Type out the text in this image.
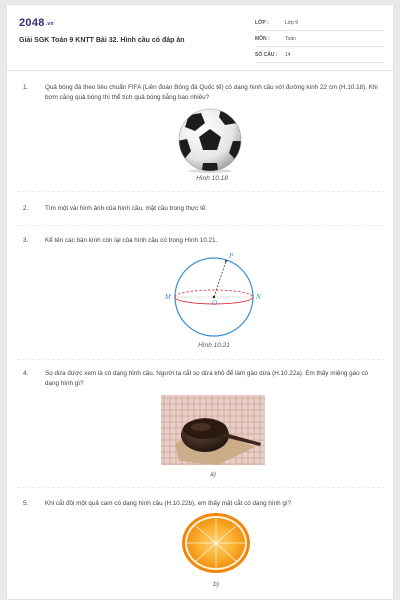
2048.vn
Giải SGK Toán 9 KNTT Bài 32. Hình cầu có đáp án
LỚP :	Lớp 9
MÔN :	Toán
SỐ CÂU :	14
1.	Quả bóng đá theo tiêu chuẩn FIFA (Liên đoàn Bóng đá Quốc tế) có dạng hình cầu với đường kính 22 cm (H.10.18). Khi bơm căng quả bóng thì thể tích quả bóng bằng bao nhiêu?
Hình 10.18
2.	Tìm một vài hình ảnh của hình cầu, mặt cầu trong thực tế.
3.	Kể tên các bán kính còn lại của hình cầu có trong Hình 10.21.
P
M	N
O
Hình 10.21
4.	Sọ dừa được xem là có dạng hình cầu. Người ta cắt sọ dừa khô để làm gáo dừa (H.10.22a). Em thấy miệng gáo có dạng hình gì?
a)
5.	Khi cắt đôi một quả cam có dạng hình cầu (H.10.22b), em thấy mặt cắt có dạng hình gì?
b)
